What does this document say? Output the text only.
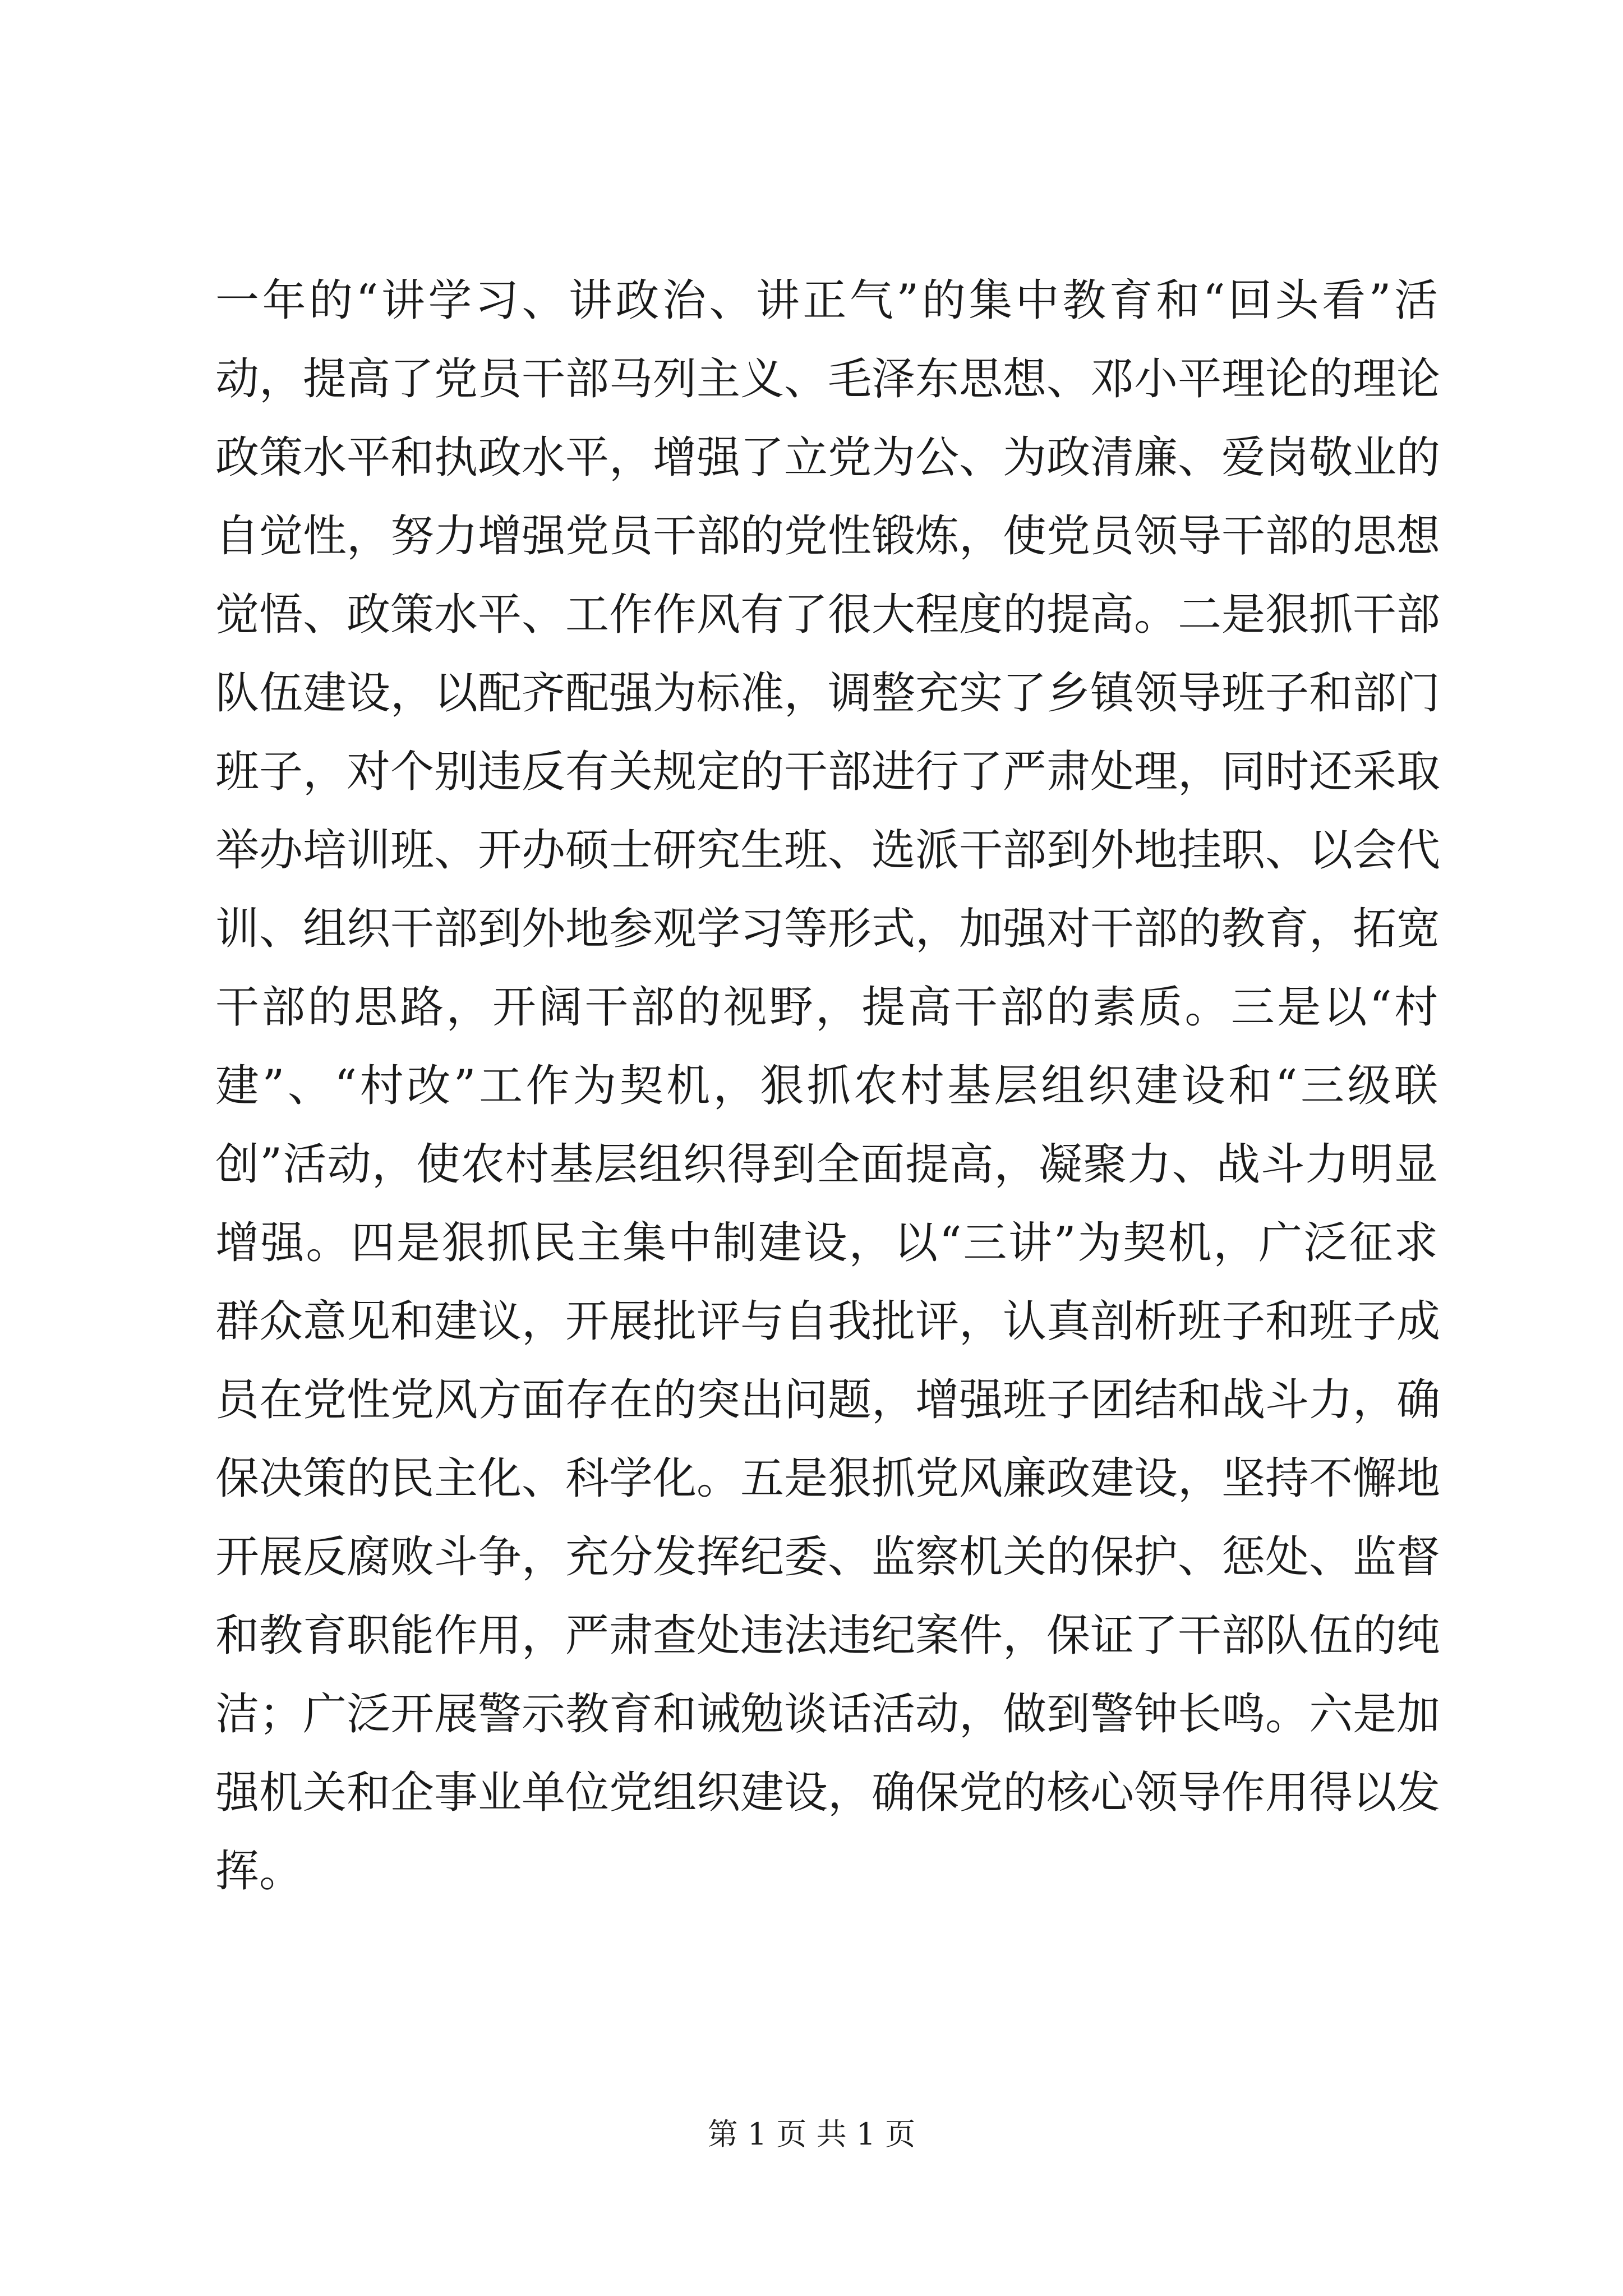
一年的“讲学习、讲政治、讲正气”的集中教育和“回头看”活
动，提高了党员干部马列主义、毛泽东思想、邓小平理论的理论
政策水平和执政水平，增强了立党为公、为政清廉、爱岗敬业的
自觉性，努力增强党员干部的党性锻炼，使党员领导干部的思想
觉悟、政策水平、工作作风有了很大程度的提高。二是狠抓干部
队伍建设，以配齐配强为标准，调整充实了乡镇领导班子和部门
班子，对个别违反有关规定的干部进行了严肃处理，同时还采取
举办培训班、开办硕士研究生班、选派干部到外地挂职、以会代
训、组织干部到外地参观学习等形式，加强对干部的教育，拓宽
干部的思路，开阔干部的视野，提高干部的素质。三是以“村
建”、“村改”工作为契机，狠抓农村基层组织建设和“三级联
创”活动，使农村基层组织得到全面提高，凝聚力、战斗力明显
增强。四是狠抓民主集中制建设，以“三讲”为契机，广泛征求
群众意见和建议，开展批评与自我批评，认真剖析班子和班子成
员在党性党风方面存在的突出问题，增强班子团结和战斗力，确
保决策的民主化、科学化。五是狠抓党风廉政建设，坚持不懈地
开展反腐败斗争，充分发挥纪委、监察机关的保护、惩处、监督
和教育职能作用，严肃查处违法违纪案件，保证了干部队伍的纯
洁；广泛开展警示教育和诫勉谈话活动，做到警钟长鸣。六是加
强机关和企事业单位党组织建设，确保党的核心领导作用得以发
挥。
第 1 页 共 1 页
